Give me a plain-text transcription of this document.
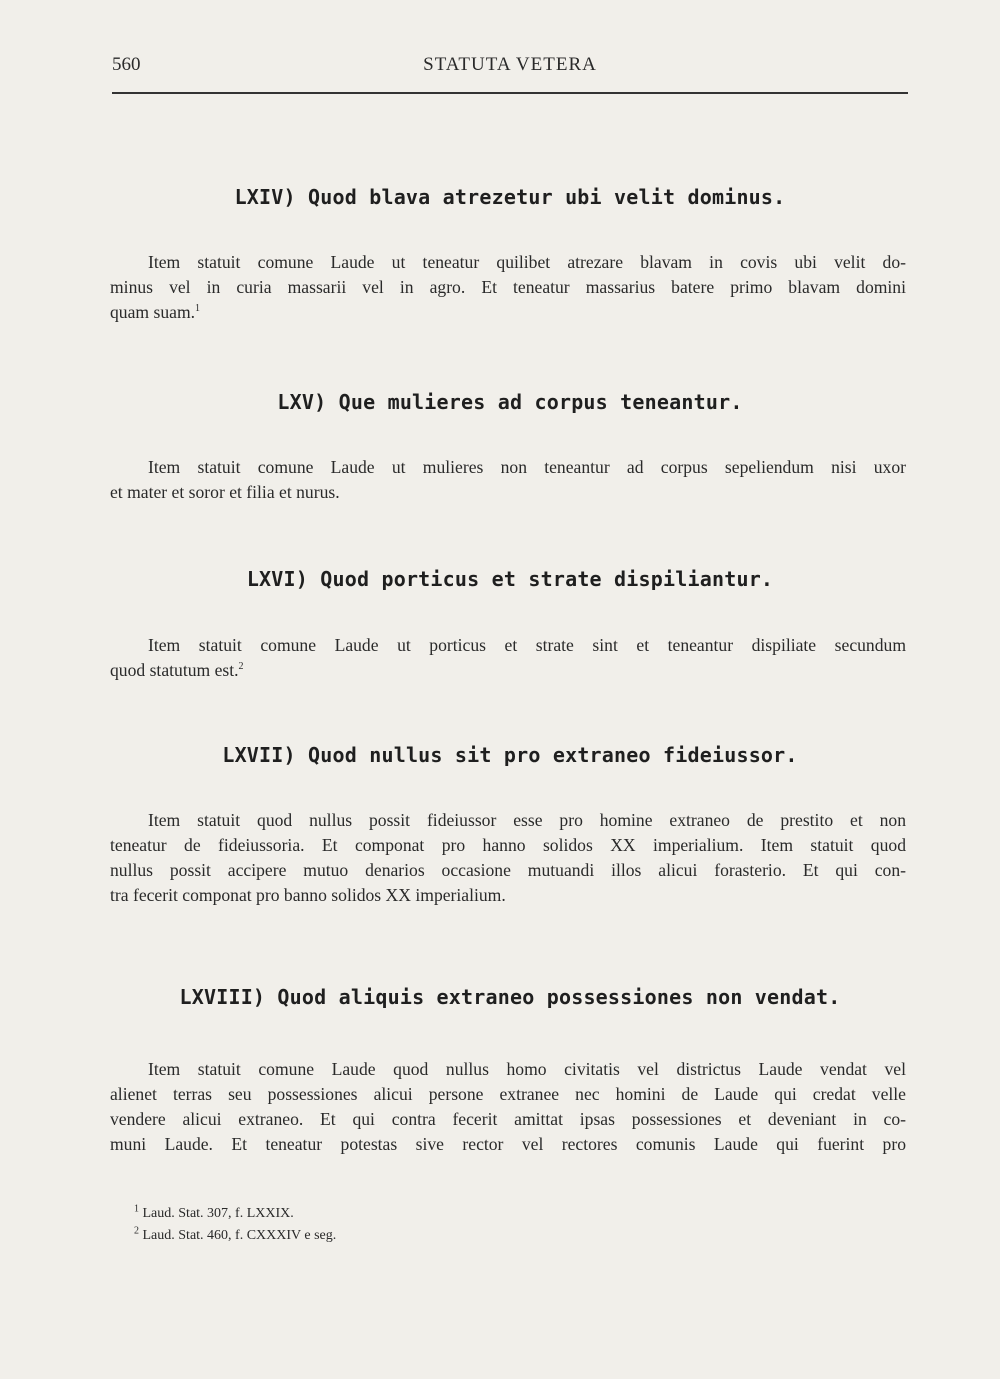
560	STATUTA VETERA
LXIV) Quod blava atrezetur ubi velit dominus.
Item statuit comune Laude ut teneatur quilibet atrezare blavam in covis ubi velit do-
minus vel in curia massarii vel in agro. Et teneatur massarius batere primo blavam domini
quam suam.$^1$
LXV) Que mulieres ad corpus teneantur.
Item statuit comune Laude ut mulieres non teneantur ad corpus sepeliendum nisi uxor
et mater et soror et filia et nurus.
LXVI) Quod porticus et strate dispiliantur.
Item statuit comune Laude ut porticus et strate sint et teneantur dispiliate secundum
quod statutum est.$^2$
LXVII) Quod nullus sit pro extraneo fideiussor.
Item statuit quod nullus possit fideiussor esse pro homine extraneo de prestito et non
teneatur de fideiussoria. Et componat pro hanno solidos XX imperialium. Item statuit quod
nullus possit accipere mutuo denarios occasione mutuandi illos alicui forasterio. Et qui con-
tra fecerit componat pro banno solidos XX imperialium.
LXVIII) Quod aliquis extraneo possessiones non vendat.
Item statuit comune Laude quod nullus homo civitatis vel districtus Laude vendat vel
alienet terras seu possessiones alicui persone extranee nec homini de Laude qui credat velle
vendere alicui extraneo. Et qui contra fecerit amittat ipsas possessiones et deveniant in co-
muni Laude. Et teneatur potestas sive rector vel rectores comunis Laude qui fuerint pro
$^1$ Laud. Stat. 307, f. LXXIX.
$^2$ Laud. Stat. 460, f. CXXXIV e seg.
